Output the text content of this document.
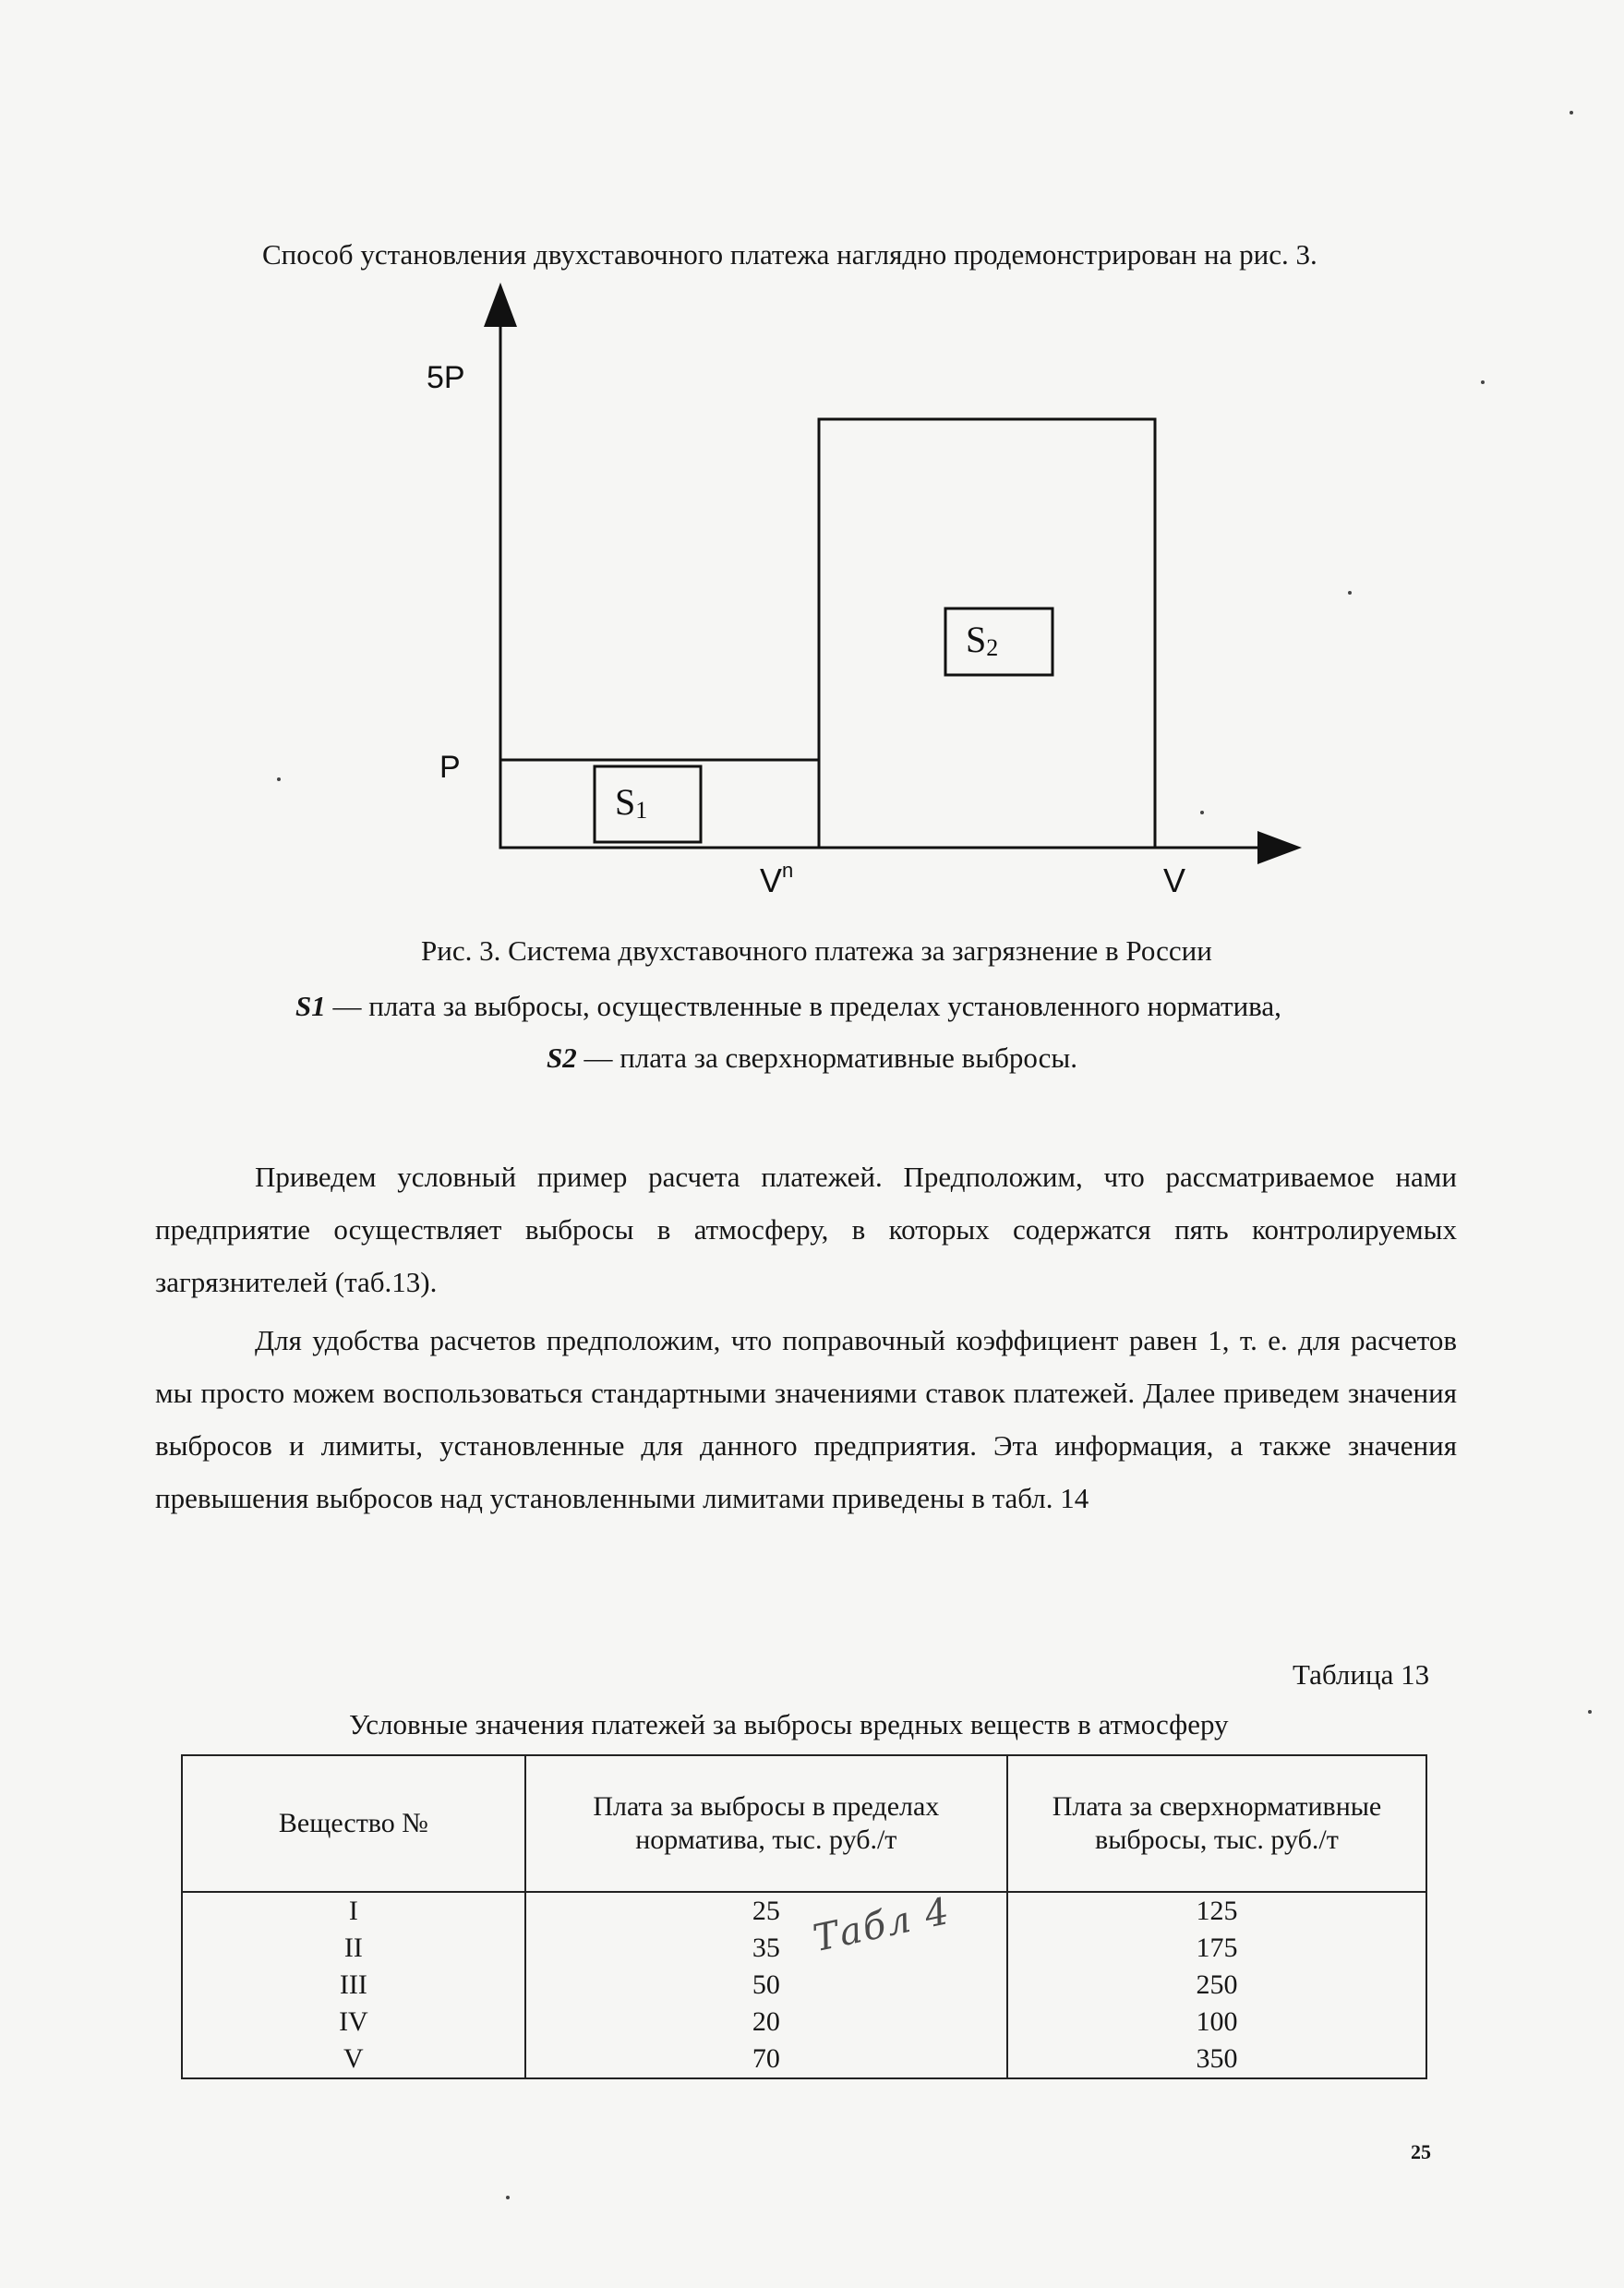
Способ установления двухставочного платежа наглядно продемонстрирован на рис. 3.
5P
P
$V^n$	V
S1
S2
Рис. 3. Система двухставочного платежа за загрязнение в России
S1 — плата за выбросы, осуществленные в пределах установленного норматива,
S2 — плата за сверхнормативные выбросы.
Приведем условный пример расчета платежей. Предположим, что рассматриваемое нами предприятие осуществляет выбросы в атмосферу, в которых содержатся пять контролируемых загрязнителей (таб.13).
Для удобства расчетов предположим, что поправочный коэффициент равен 1, т. е. для расчетов мы просто можем воспользоваться стандартными значениями ставок платежей. Далее приведем значения выбросов и лимиты, установленные для данного предприятия. Эта информация, а также значения превышения выбросов над установленными лимитами приведены в табл. 14
Таблица 13
Условные значения платежей за выбросы вредных веществ в атмосферу
Вещество №	Плата за выбросы в пределах норматива, тыс. руб./т	Плата за сверхнормативные выбросы, тыс. руб./т
I	25	125
II	35	175
III	50	250
IV	20	100
V	70	350
Табл 4
25
